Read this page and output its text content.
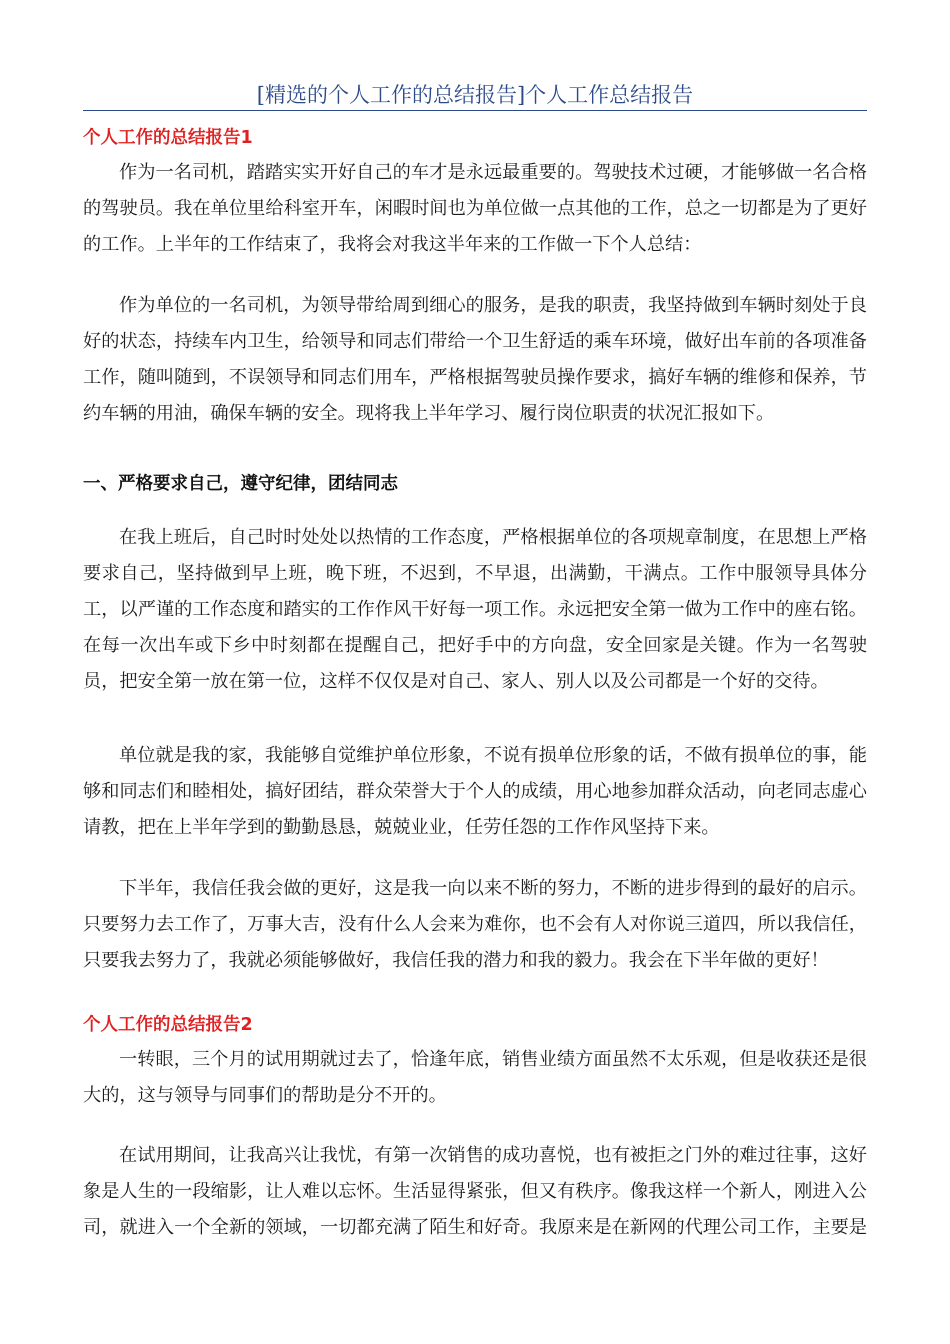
[精选的个人工作的总结报告]个人工作总结报告
个人工作的总结报告1
作为一名司机，踏踏实实开好自己的车才是永远最重要的。驾驶技术过硬，才能够做一名合格
的驾驶员。我在单位里给科室开车，闲暇时间也为单位做一点其他的工作，总之一切都是为了更好
的工作。上半年的工作结束了，我将会对我这半年来的工作做一下个人总结：
作为单位的一名司机，为领导带给周到细心的服务，是我的职责，我坚持做到车辆时刻处于良
好的状态，持续车内卫生，给领导和同志们带给一个卫生舒适的乘车环境，做好出车前的各项准备
工作，随叫随到，不误领导和同志们用车，严格根据驾驶员操作要求，搞好车辆的维修和保养，节
约车辆的用油，确保车辆的安全。现将我上半年学习、履行岗位职责的状况汇报如下。
一、严格要求自己，遵守纪律，团结同志
在我上班后，自己时时处处以热情的工作态度，严格根据单位的各项规章制度，在思想上严格
要求自己，坚持做到早上班，晚下班，不迟到，不早退，出满勤，干满点。工作中服领导具体分
工，以严谨的工作态度和踏实的工作作风干好每一项工作。永远把安全第一做为工作中的座右铭。
在每一次出车或下乡中时刻都在提醒自己，把好手中的方向盘，安全回家是关键。作为一名驾驶
员，把安全第一放在第一位，这样不仅仅是对自己、家人、别人以及公司都是一个好的交待。
单位就是我的家，我能够自觉维护单位形象，不说有损单位形象的话，不做有损单位的事，能
够和同志们和睦相处，搞好团结，群众荣誉大于个人的成绩，用心地参加群众活动，向老同志虚心
请教，把在上半年学到的勤勤恳恳，兢兢业业，任劳任怨的工作作风坚持下来。
下半年，我信任我会做的更好，这是我一向以来不断的努力，不断的进步得到的最好的启示。
只要努力去工作了，万事大吉，没有什么人会来为难你，也不会有人对你说三道四，所以我信任，
只要我去努力了，我就必须能够做好，我信任我的潜力和我的毅力。我会在下半年做的更好！
个人工作的总结报告2
一转眼，三个月的试用期就过去了，恰逢年底，销售业绩方面虽然不太乐观，但是收获还是很
大的，这与领导与同事们的帮助是分不开的。
在试用期间，让我高兴让我忧，有第一次销售的成功喜悦，也有被拒之门外的难过往事，这好
象是人生的一段缩影，让人难以忘怀。生活显得紧张，但又有秩序。像我这样一个新人，刚进入公
司，就进入一个全新的领域，一切都充满了陌生和好奇。我原来是在新网的代理公司工作，主要是
